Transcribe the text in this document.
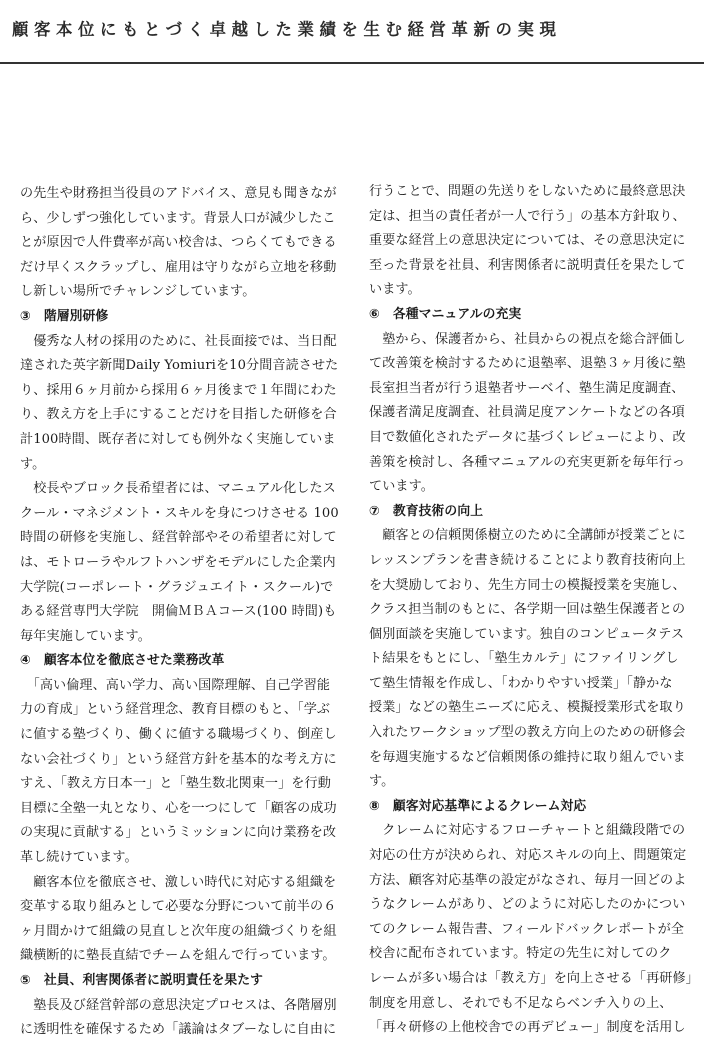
顧客本位にもとづく卓越した業績を生む経営革新の実現
の先生や財務担当役員のアドバイス、意見も聞きなが
ら、少しずつ強化しています。背景人口が減少したこ
とが原因で人件費率が高い校舎は、つらくてもできる
だけ早くスクラップし、雇用は守りながら立地を移動
し新しい場所でチャレンジしています。
③　階層別研修
　優秀な人材の採用のために、社長面接では、当日配
達された英字新聞Daily Yomiuriを10分間音読させた
り、採用６ヶ月前から採用６ヶ月後まで１年間にわた
り、教え方を上手にすることだけを目指した研修を合
計100時間、既存者に対しても例外なく実施していま
す。
　校長やブロック長希望者には、マニュアル化したス
クール・マネジメント・スキルを身につけさせる 100
時間の研修を実施し、経営幹部やその希望者に対して
は、モトローラやルフトハンザをモデルにした企業内
大学院(コーポレート・グラジュエイト・スクール)で
ある経営専門大学院　開倫ＭＢＡコース(100 時間)も
毎年実施しています。
④　顧客本位を徹底させた業務改革
　「高い倫理、高い学力、高い国際理解、自己学習能
力の育成」という経営理念、教育目標のもと、「学ぶ
に値する塾づくり、働くに値する職場づくり、倒産し
ない会社づくり」という経営方針を基本的な考え方に
すえ、「教え方日本一」と「塾生数北関東一」を行動
目標に全塾一丸となり、心を一つにして「顧客の成功
の実現に貢献する」というミッションに向け業務を改
革し続けています。
　顧客本位を徹底させ、激しい時代に対応する組織を
変革する取り組みとして必要な分野について前半の６
ヶ月間かけて組織の見直しと次年度の組織づくりを組
織横断的に塾長直結でチームを組んで行っています。
⑤　社員、利害関係者に説明責任を果たす
　塾長及び経営幹部の意思決定プロセスは、各階層別
に透明性を確保するため「議論はタブーなしに自由に
行うことで、問題の先送りをしないために最終意思決
定は、担当の責任者が一人で行う」の基本方針取り、
重要な経営上の意思決定については、その意思決定に
至った背景を社員、利害関係者に説明責任を果たして
います。
⑥　各種マニュアルの充実
　塾から、保護者から、社員からの視点を総合評価し
て改善策を検討するために退塾率、退塾３ヶ月後に塾
長室担当者が行う退塾者サーベイ、塾生満足度調査、
保護者満足度調査、社員満足度アンケートなどの各項
目で数値化されたデータに基づくレビューにより、改
善策を検討し、各種マニュアルの充実更新を毎年行っ
ています。
⑦　教育技術の向上
　顧客との信頼関係樹立のために全講師が授業ごとに
レッスンプランを書き続けることにより教育技術向上
を大奨励しており、先生方同士の模擬授業を実施し、
クラス担当制のもとに、各学期一回は塾生保護者との
個別面談を実施しています。独自のコンピュータテス
ト結果をもとにし、「塾生カルテ」にファイリングし
て塾生情報を作成し、「わかりやすい授業」「静かな
授業」などの塾生ニーズに応え、模擬授業形式を取り
入れたワークショップ型の教え方向上のための研修会
を毎週実施するなど信頼関係の維持に取り組んでいま
す。
⑧　顧客対応基準によるクレーム対応
　クレームに対応するフローチャートと組織段階での
対応の仕方が決められ、対応スキルの向上、問題策定
方法、顧客対応基準の設定がなされ、毎月一回どのよ
うなクレームがあり、どのように対応したのかについ
てのクレーム報告書、フィールドバックレポートが全
校舎に配布されています。特定の先生に対してのク
レームが多い場合は「教え方」を向上させる「再研修」
制度を用意し、それでも不足ならベンチ入りの上、
「再々研修の上他校舎での再デビュー」制度を活用し
